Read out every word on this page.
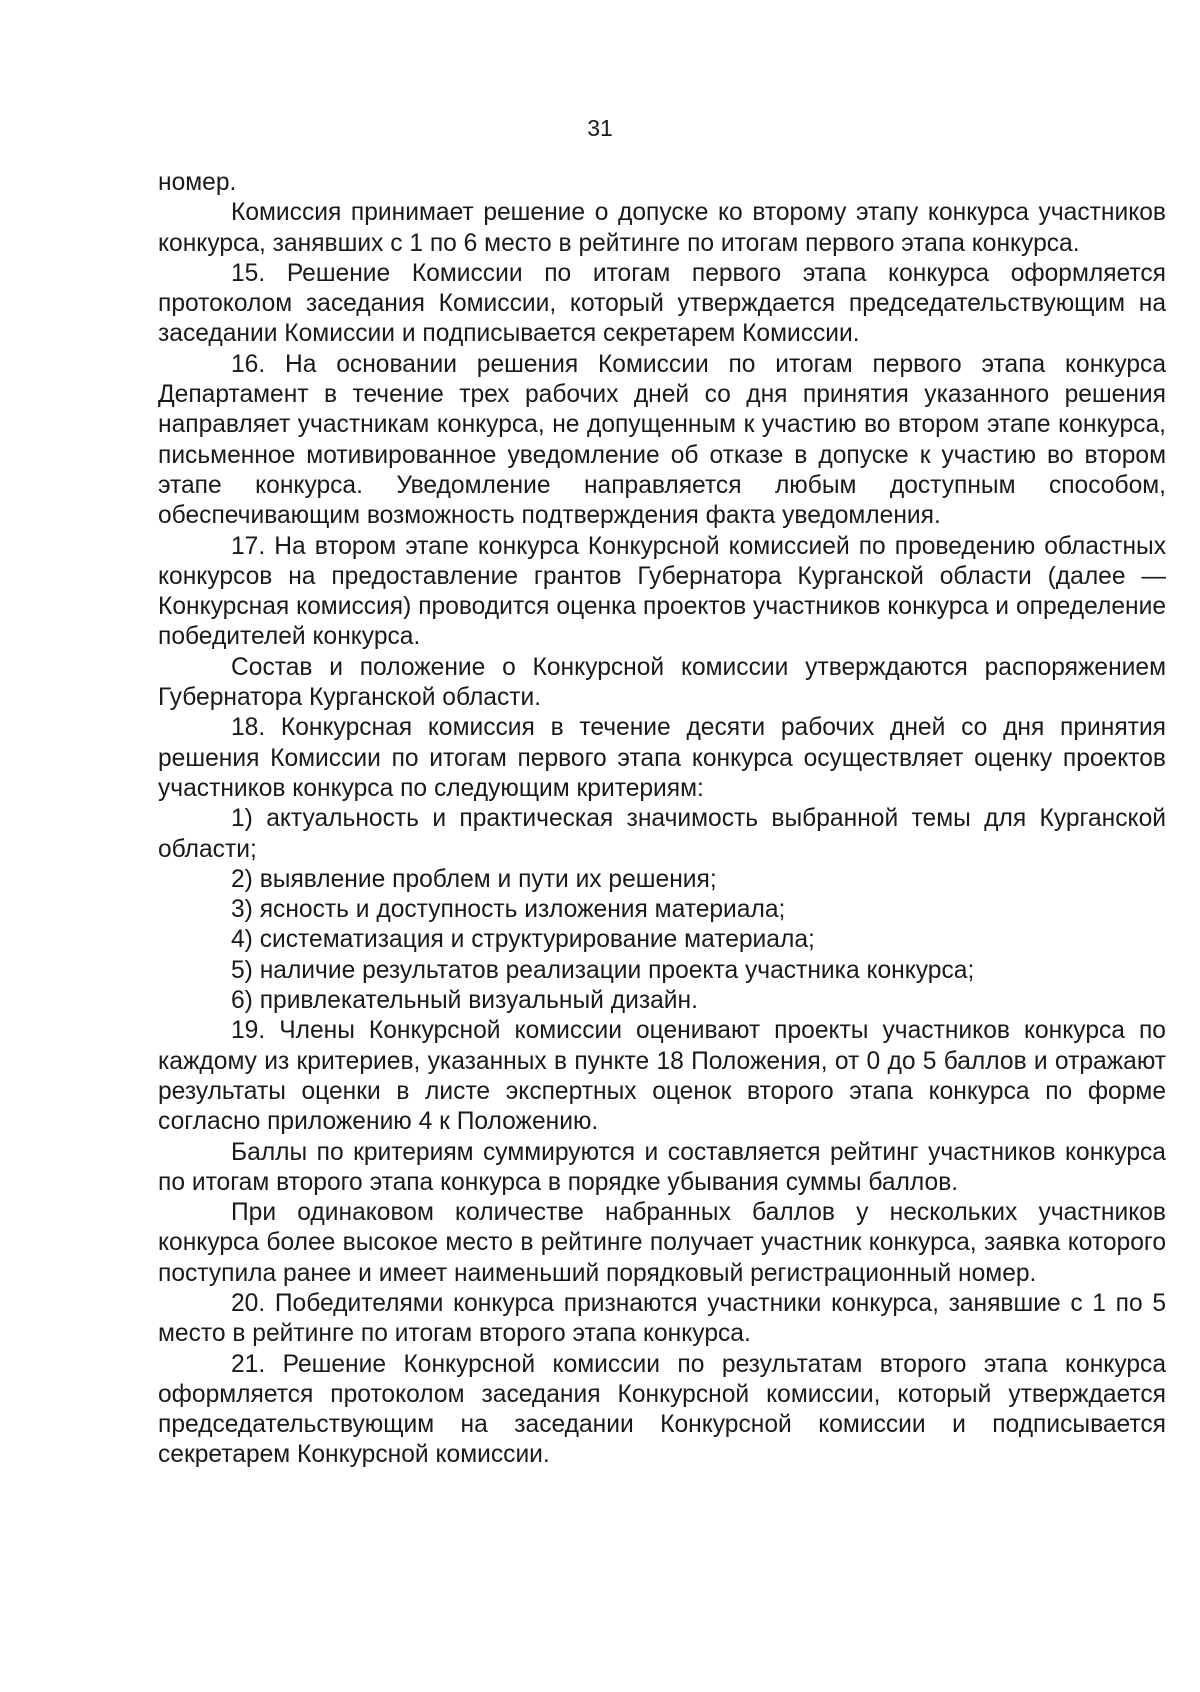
31

номер.

Комиссия принимает решение о допуске ко второму этапу конкурса участников конкурса, занявших с 1 по 6 место в рейтинге по итогам первого этапа конкурса.

15. Решение Комиссии по итогам первого этапа конкурса оформляется протоколом заседания Комиссии, который утверждается председательствующим на заседании Комиссии и подписывается секретарем Комиссии.

16. На основании решения Комиссии по итогам первого этапа конкурса Департамент в течение трех рабочих дней со дня принятия указанного решения направляет участникам конкурса, не допущенным к участию во втором этапе конкурса, письменное мотивированное уведомление об отказе в допуске к участию во втором этапе конкурса. Уведомление направляется любым доступным способом, обеспечивающим возможность подтверждения факта уведомления.

17. На втором этапе конкурса Конкурсной комиссией по проведению областных конкурсов на предоставление грантов Губернатора Курганской области (далее — Конкурсная комиссия) проводится оценка проектов участников конкурса и определение победителей конкурса.

Состав и положение о Конкурсной комиссии утверждаются распоряжением Губернатора Курганской области.

18. Конкурсная комиссия в течение десяти рабочих дней со дня принятия решения Комиссии по итогам первого этапа конкурса осуществляет оценку проектов участников конкурса по следующим критериям:

1) актуальность и практическая значимость выбранной темы для Курганской области;

2) выявление проблем и пути их решения;

3) ясность и доступность изложения материала;

4) систематизация и структурирование материала;

5) наличие результатов реализации проекта участника конкурса;

6) привлекательный визуальный дизайн.

19. Члены Конкурсной комиссии оценивают проекты участников конкурса по каждому из критериев, указанных в пункте 18 Положения, от 0 до 5 баллов и отражают результаты оценки в листе экспертных оценок второго этапа конкурса по форме согласно приложению 4 к Положению.

Баллы по критериям суммируются и составляется рейтинг участников конкурса по итогам второго этапа конкурса в порядке убывания суммы баллов.

При одинаковом количестве набранных баллов у нескольких участников конкурса более высокое место в рейтинге получает участник конкурса, заявка которого поступила ранее и имеет наименьший порядковый регистрационный номер.

20. Победителями конкурса признаются участники конкурса, занявшие с 1 по 5 место в рейтинге по итогам второго этапа конкурса.

21. Решение Конкурсной комиссии по результатам второго этапа конкурса оформляется протоколом заседания Конкурсной комиссии, который утверждается председательствующим на заседании Конкурсной комиссии и подписывается секретарем Конкурсной комиссии.
